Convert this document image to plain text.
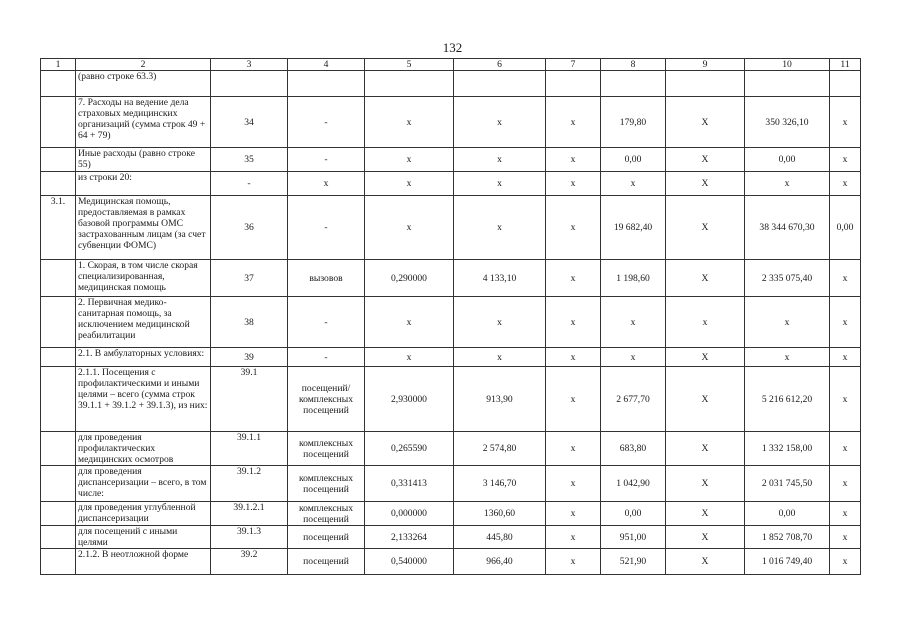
132
1	2	3	4	5	6	7	8	9	10	11
	(равно строке 63.3)									
	7. Расходы на ведение дела страховых медицинских организаций (сумма строк 49 + 64 + 79)	34	-	х	х	х	179,80	Х	350 326,10	х
	Иные расходы (равно строке 55)	35	-	х	х	х	0,00	Х	0,00	х
	из строки 20:	-	х	х	х	х	х	Х	х	х
3.1.	Медицинская помощь, предоставляемая в рамках базовой программы ОМС застрахованным лицам (за счет субвенции ФОМС)	36	-	х	х	х	19 682,40	Х	38 344 670,30	0,00
	1. Скорая, в том числе скорая специализированная, медицинская помощь	37	вызовов	0,290000	4 133,10	х	1 198,60	Х	2 335 075,40	х
	2. Первичная медико-санитарная помощь, за исключением медицинской реабилитации	38	-	х	х	х	х	х	х	х
	2.1. В амбулаторных условиях:	39	-	х	х	х	х	Х	х	х
	2.1.1. Посещения с профилактическими и иными целями – всего (сумма строк 39.1.1 + 39.1.2 + 39.1.3), из них:	39.1	посещений/комплексных посещений	2,930000	913,90	х	2 677,70	Х	5 216 612,20	х
	для проведения профилактических медицинских осмотров	39.1.1	комплексных посещений	0,265590	2 574,80	х	683,80	Х	1 332 158,00	х
	для проведения диспансеризации – всего, в том числе:	39.1.2	комплексных посещений	0,331413	3 146,70	х	1 042,90	Х	2 031 745,50	х
	для проведения углубленной диспансеризации	39.1.2.1	комплексных посещений	0,000000	1360,60	х	0,00	Х	0,00	х
	для посещений с иными целями	39.1.3	посещений	2,133264	445,80	х	951,00	Х	1 852 708,70	х
	2.1.2. В неотложной форме	39.2	посещений	0,540000	966,40	х	521,90	Х	1 016 749,40	х
